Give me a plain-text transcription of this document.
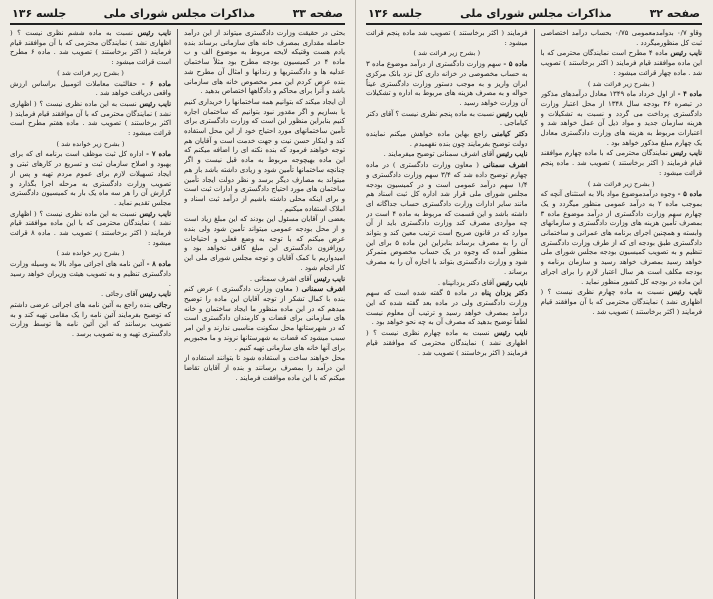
صفحه ۳۳
مذاکرات مجلس شورای ملی
جلسه ۱۳۶

بحثی در حقیقت وزارت دادگستری میتواند از این درآمد حاصله مقداری بمصرف خانه های سازمانی برساند بنده یادم هست وقتیکه لایحه مربوط به موضوع الف و ب ماده ۴ در کمیسیون بودجه مطرح بود مثلاً ساختمان عدلیه ها و دادگستریها و زندانها و امثال آن مطرح شد بنده عرض کردم این ممر مخصوص خانه های سازمانی باشد و آنرا برای محاکم و دادگاهها اختصاص بدهید .

آن ایجاد میکند که بتوانیم همه ساختمانها را خریداری کنیم یا بسازیم و اگر مقدور نبود بتوانیم که ساختمان اجاره کنیم بنابراین منظور این است که وزارت دادگستری برای تأمین ساختمانهای مورد احتیاج خود از این محل استفاده کند و اینکار حسن نیت و جهت خدمت است و آقایان هم توجه خواهند فرمود که بنده نکته ای را اضافه میکنم که این ماده بهیچوجه مربوط به ماده قبل نیست و اگر چنانچه ساختمانها تأمین شود و زیادی داشته باشد باز هم میتواند به مصارف دیگر برسد و نظر دولت ایجاد تأمین ساختمان های مورد احتیاج دادگستری و ادارات ثبت است و برای اینکه محلی داشته باشیم از درآمد ثبت اسناد و املاک استفاده میکنیم .

بعضی از آقایان مسئول این بودند که این مبلغ زیاد است و از محل بودجه عمومی میتواند تأمین شود ولی بنده عرض میکنم که با توجه به وضع فعلی و احتیاجات روزافزون دادگستری این مبلغ کافی نخواهد بود و امیدواریم با کمک آقایان و توجه مجلس شورای ملی این کار انجام شود .

نایب رئیس آقای اشرف سمنانی .

اشرف سمنانی ( معاون وزارت دادگستری ) عرض کنم بنده با کمال تشکر از توجه آقایان این ماده را توضیح میدهم که در این ماده منظور ما ایجاد ساختمان و خانه های سازمانی برای قضات و کارمندان دادگستری است که در شهرستانها محل سکونت مناسبی ندارند و این امر سبب میشود که قضات به شهرستانها نروند و ما مجبوریم برای آنها خانه های سازمانی تهیه کنیم .

محل خواهند ساخت و استفاده شود تا بتوانند استفاده از این درآمد را بمصرف برسانند و بنده از آقایان تقاضا میکنم که با این ماده موافقت فرمایند .

نایب رئیس نسبت به ماده ششم نظری نیست ؟ ( اظهاری نشد ) نمایندگان محترمی که با آن موافقند قیام فرمایند ( اکثر برخاستند ) تصویب شد . ماده ۶ مطرح است قرائت میشود :

( بشرح زیر قرائت شد )

ماده ۶ - حقالثبت معاملات اتومبیل براساس ارزش واقعی دریافت خواهد شد .

نایب رئیس نسبت به این ماده نظری نیست ؟ ( اظهاری نشد ) نمایندگان محترمی که با آن موافقند قیام فرمایند ( اکثر برخاستند ) تصویب شد . ماده هفتم مطرح است قرائت میشود :

( بشرح زیر خوانده شد )

ماده ۷ - اداره کل ثبت موظف است برنامه ای که برای بهبود و اصلاح سازمان ثبت و تسریع در کارهای ثبتی و ایجاد تسهیلات لازم برای عموم مردم تهیه و پس از تصویب وزارت دادگستری به مرحله اجرا بگذارد و گزارش آن را هر سه ماه یک بار به کمیسیون دادگستری مجلس تقدیم نماید .

نایب رئیس نسبت به این ماده نظری نیست ؟ ( اظهاری نشد ) نمایندگان محترمی که با این ماده موافقند قیام فرمایند ( اکثر برخاستند ) تصویب شد . ماده ۸ قرائت میشود :

( بشرح زیر خوانده شد )

ماده ۸ - آئین نامه های اجرائی مواد بالا به وسیله وزارت دادگستری تنظیم و به تصویب هیئت وزیران خواهد رسید .

نایب رئیس آقای رجائی .

رجائی بنده راجع به آئین نامه های اجرائی عرضی داشتم که توضیح بفرمایند آئین نامه را یک مقامی تهیه کند و به تصویب برسانند که این آئین نامه ها توسط وزارت دادگستری تهیه و به تصویب برسد .

صفحه ۳۲
مذاکرات مجلس شورای ملی
جلسه ۱۳۶

وقاو ۰/۷ بدوآمدمعمومی ۰/۷۵ بحساب درآمد اختصاصی ثبت کل منظورمیگردد .

نایب رئیس ماده ۴ مطرح است نمایندگان محترمی که با این ماده موافقند قیام فرمایند ( اکثر برخاستند ) تصویب شد . ماده چهار قرائت میشود :

( بشرح زیر قرائت شد )

ماده ۴ - از اول خرداد ماه ۱۳۴۹ معادل درآمدهای مذکور در تبصره ۳۶ بودجه سال ۱۳۴۸ از محل اعتبار وزارت دادگستری پرداخت می گردد و نسبت به تشکیلات و هزینه سازمان جدید و مواد ذیل آن عمل خواهد شد و اعتبارات مربوط به هزینه های وزارت دادگستری معادل یک چهارم مبلغ مذکور خواهد بود .

نایب رئیس نمایندگان محترمی که با ماده چهارم موافقند قیام فرمایند ( اکثر برخاستند ) تصویب شد . ماده پنجم قرائت میشود :

( بشرح زیر قرائت شد )

ماده ۵ - وجوه درآمدموضوع مواد بالا به استثنای آنچه که بموجب ماده ۲ به درآمد عمومی منظور میگردد و یک چهارم سهم وزارت دادگستری از درآمد موضوع ماده ۳ بمصرف تأمین هزینه های وزارت دادگستری و سازمانهای وابسته و همچنین اجرای برنامه های عمرانی و ساختمانی دادگستری طبق بودجه ای که از طرف وزارت دادگستری تنظیم و به تصویب کمیسیون بودجه مجلس شورای ملی خواهد رسید بمصرف خواهد رسید و سازمان برنامه و بودجه مکلف است هر سال اعتبار لازم را برای اجرای این ماده در بودجه کل کشور منظور نماید .

نایب رئیس نسبت به ماده چهارم نظری نیست ؟ ( اظهاری نشد ) نمایندگان محترمی که با آن موافقند قیام فرمایند ( اکثر برخاستند ) تصویب شد .

فرمایند ( اکثر برخاستند ) تصویب شد ماده پنجم قرائت میشود :

( بشرح زیر قرائت شد )

ماده ۵ - سهم وزارت دادگستری از درآمد موضوع ماده ۳ به حساب مخصوصی در خزانه داری کل نزد بانک مرکزی ایران واریز و به موجب دستور وزارت دادگستری عیناً حواله و به مصرف هزینه های مربوط به اداره و تشکیلات آن وزارت خواهد رسید .

نایب رئیس نسبت به ماده پنجم نظری نیست ؟ آقای دکتر کیاماجی .

دکتر کیامنی راجع بهاین ماده خواهش میکنم نماینده دولت توضیح بفرمایند چون بنده نفهمیدم .

نایب رئیس آقای اشرف سمنانی توضیح میفرمایند .

اشرف سمنانی ( معاون وزارت دادگستری ) در ماده چهارم توضیح داده شد که ۳/۴ سهم وزارت دادگستری و ۱/۴ سهم درآمد عمومی است و در کمیسیون بودجه مجلس شورای ملی قرار شد اداره کل ثبت اسناد هم مانند سایر ادارات وزارت دادگستری حساب جداگانه ای داشته باشد و این قسمت که مربوط به ماده ۴ است در چه مواردی مصرف کند وزارت دادگستری باید از آن موارد که در قانون صریح است ترتیب معین کند و بتواند آن را به مصرف برساند بنابراین این ماده ۵ برای این منظور آمده که وجوه در یک حساب مخصوص متمرکز شود و وزارت دادگستری بتواند با اجازه آن را به مصرف برساند .

نایب رئیس آقای دکتر یزدانپناه .

دکتر یزدان پناه در ماده ۵ گفته شده است که سهم وزارت دادگستری ولی در ماده بعد گفته شده که این درآمد بمصرف خواهد رسید و ترتیب آن معلوم نیست لطفاً توضیح بدهید که مصرف آن به چه نحو خواهد بود .

نایب رئیس نسبت به ماده چهارم نظری نیست ؟ ( اظهاری نشد ) نمایندگان محترمی که موافقند قیام فرمایند ( اکثر برخاستند ) تصویب شد .
